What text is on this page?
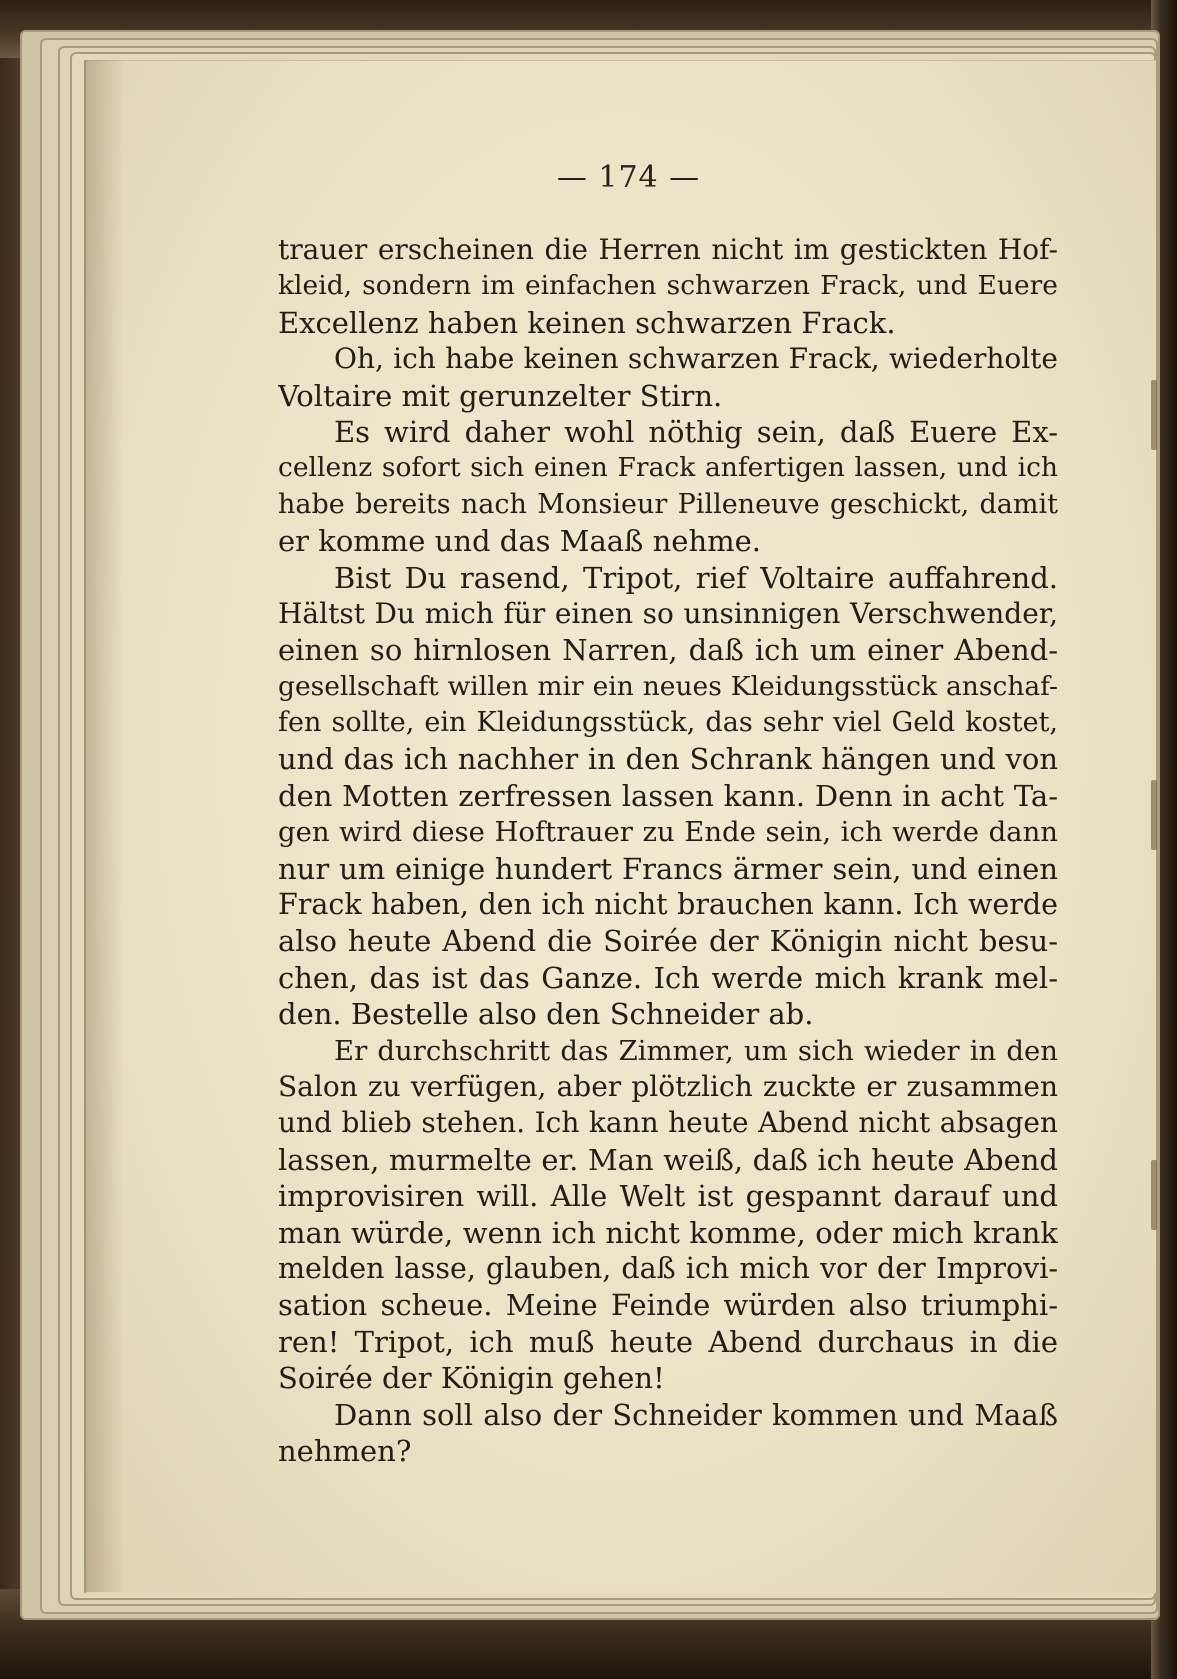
— 174 —
trauer erscheinen die Herren nicht im gestickten Hof-
kleid, sondern im einfachen schwarzen Frack, und Euere
Excellenz haben keinen schwarzen Frack.
Oh, ich habe keinen schwarzen Frack, wiederholte
Voltaire mit gerunzelter Stirn.
Es wird daher wohl nöthig sein, daß Euere Ex-
cellenz sofort sich einen Frack anfertigen lassen, und ich
habe bereits nach Monsieur Pilleneuve geschickt, damit
er komme und das Maaß nehme.
Bist Du rasend, Tripot, rief Voltaire auffahrend.
Hältst Du mich für einen so unsinnigen Verschwender,
einen so hirnlosen Narren, daß ich um einer Abend-
gesellschaft willen mir ein neues Kleidungsstück anschaf-
fen sollte, ein Kleidungsstück, das sehr viel Geld kostet,
und das ich nachher in den Schrank hängen und von
den Motten zerfressen lassen kann. Denn in acht Ta-
gen wird diese Hoftrauer zu Ende sein, ich werde dann
nur um einige hundert Francs ärmer sein, und einen
Frack haben, den ich nicht brauchen kann. Ich werde
also heute Abend die Soirée der Königin nicht besu-
chen, das ist das Ganze. Ich werde mich krank mel-
den. Bestelle also den Schneider ab.
Er durchschritt das Zimmer, um sich wieder in den
Salon zu verfügen, aber plötzlich zuckte er zusammen
und blieb stehen. Ich kann heute Abend nicht absagen
lassen, murmelte er. Man weiß, daß ich heute Abend
improvisiren will. Alle Welt ist gespannt darauf und
man würde, wenn ich nicht komme, oder mich krank
melden lasse, glauben, daß ich mich vor der Improvi-
sation scheue. Meine Feinde würden also triumphi-
ren! Tripot, ich muß heute Abend durchaus in die
Soirée der Königin gehen!
Dann soll also der Schneider kommen und Maaß
nehmen?
